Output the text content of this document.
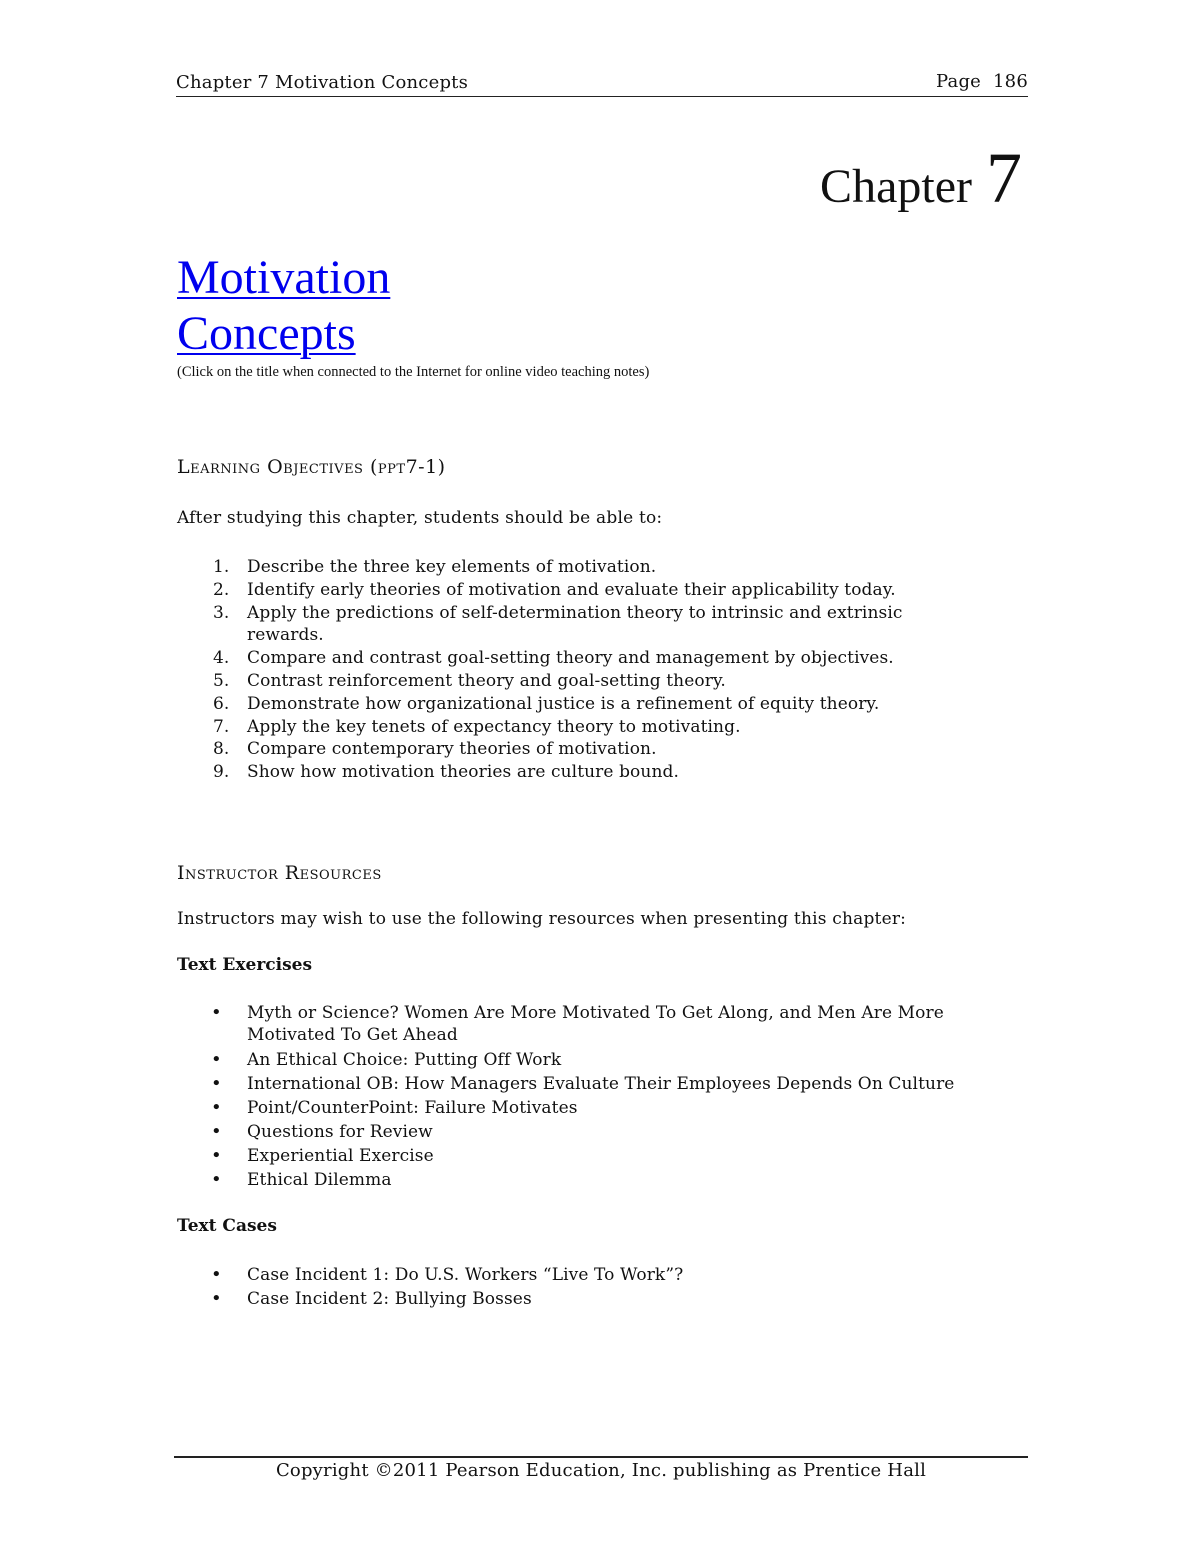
Chapter 7 Motivation Concepts	Page 186
Chapter 7
Motivation
Concepts
(Click on the title when connected to the Internet for online video teaching notes)
Learning Objectives (ppt7-1)
After studying this chapter, students should be able to:
1. Describe the three key elements of motivation.
2. Identify early theories of motivation and evaluate their applicability today.
3. Apply the predictions of self-determination theory to intrinsic and extrinsic rewards.
4. Compare and contrast goal-setting theory and management by objectives.
5. Contrast reinforcement theory and goal-setting theory.
6. Demonstrate how organizational justice is a refinement of equity theory.
7. Apply the key tenets of expectancy theory to motivating.
8. Compare contemporary theories of motivation.
9. Show how motivation theories are culture bound.
Instructor Resources
Instructors may wish to use the following resources when presenting this chapter:
Text Exercises
• Myth or Science? Women Are More Motivated To Get Along, and Men Are More Motivated To Get Ahead
• An Ethical Choice: Putting Off Work
• International OB: How Managers Evaluate Their Employees Depends On Culture
• Point/CounterPoint: Failure Motivates
• Questions for Review
• Experiential Exercise
• Ethical Dilemma
Text Cases
• Case Incident 1: Do U.S. Workers “Live To Work”?
• Case Incident 2: Bullying Bosses
Copyright ©2011 Pearson Education, Inc. publishing as Prentice Hall
